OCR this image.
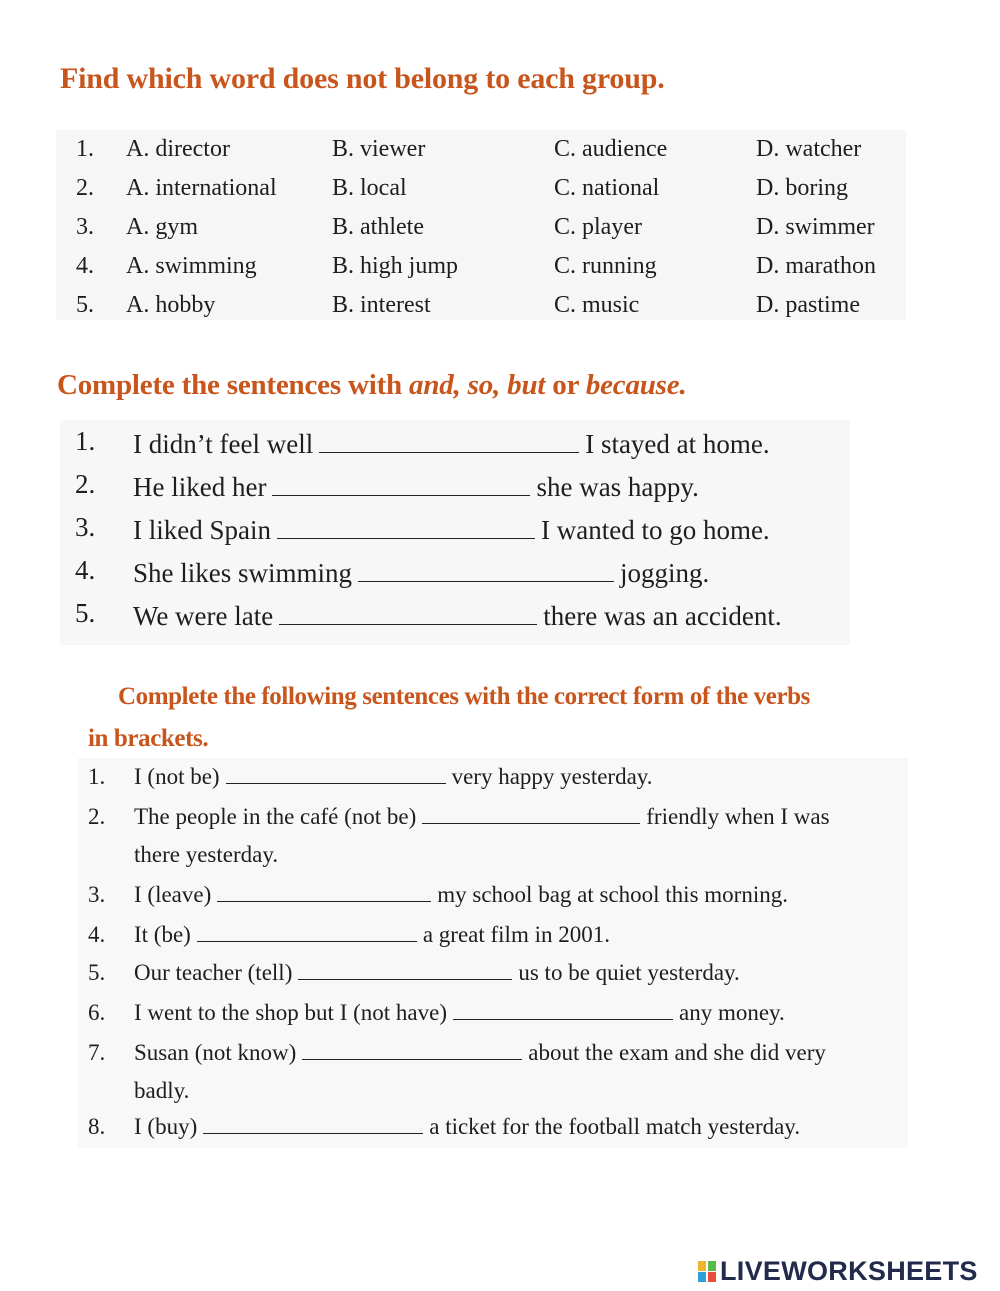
Find which word does not belong to each group.
1. A. director	B. viewer	C. audience	D. watcher
2. A. international B. local	C. national	D. boring
3. A. gym	B. athlete	C. player	D. swimmer
4. A. swimming	B. high jump	C. running	D. marathon
5. A. hobby	B. interest	C. music	D. pastime
Complete the sentences with and, so, but or because.
1. I didn’t feel well	I stayed at home.
2. He liked her	she was happy.
3. I liked Spain	I wanted to go home.
4. She likes swimming	jogging.
5. We were late	there was an accident.
Complete the following sentences with the correct form of the verbs
in brackets.
1. I (not be)	very happy yesterday.
2. The people in the café (not be)	friendly when I was
there yesterday.
3. I (leave)	my school bag at school this morning.
4. It (be)	a great film in 2001.
5. Our teacher (tell)	us to be quiet yesterday.
6. I went to the shop but I (not have)	any money.
7. Susan (not know)	about the exam and she did very
badly.
8. I (buy)	a ticket for the football match yesterday.
LIVEWORKSHEETS
